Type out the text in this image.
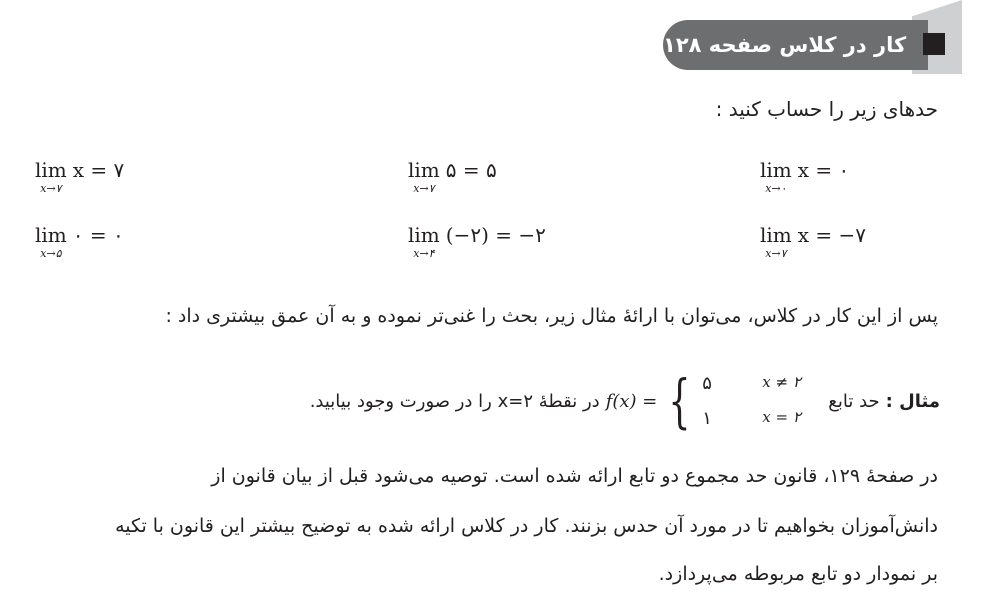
کار در کلاس صفحه ۱۲۸
حدهای زیر را حساب کنید :
lim
x→۰
x = ۰
lim
x→۷
۵ = ۵
lim
x→۷
x = ۷
lim
x→۷
x = −۷
lim
x→۴
(−۲) = −۲
lim
x→۵
۰ = ۰
پس از این کار در کلاس، می‌توان با ارائهٔ مثال زیر، بحث را غنی‌تر نموده و به آن عمق بیشتری داد :
مثال :
حد تابع
f(x) = { ۵	x ≠ ۲
۱	x = ۲
در نقطهٔ x=۲ را در صورت وجود بیابید.
در صفحهٔ ۱۲۹، قانون حد مجموع دو تابع ارائه شده است. توصیه می‌شود قبل از بیان قانون از
دانش‌آموزان بخواهیم تا در مورد آن حدس بزنند. کار در کلاس ارائه شده به توضیح بیشتر این قانون با تکیه
بر نمودار دو تابع مربوطه می‌پردازد.
